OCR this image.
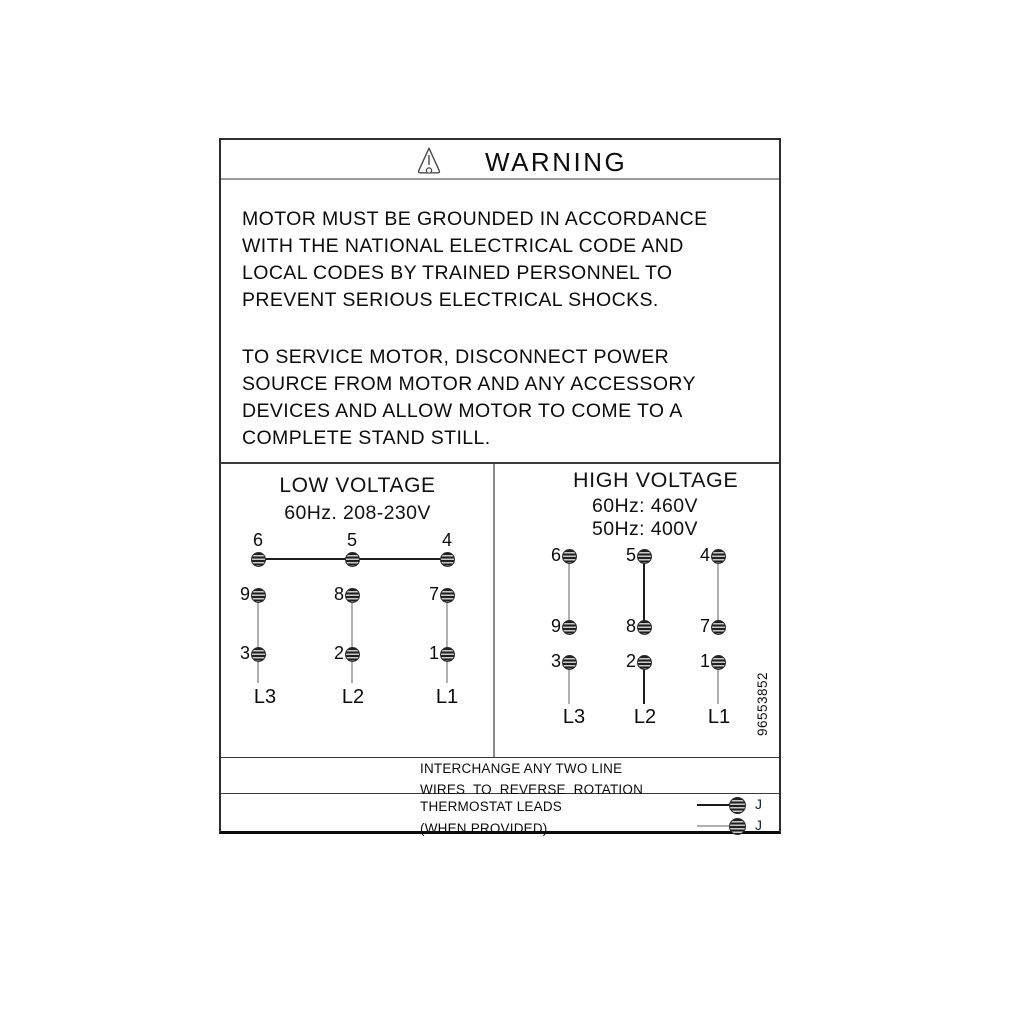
WARNING
MOTOR MUST BE GROUNDED IN ACCORDANCE
WITH THE NATIONAL ELECTRICAL CODE AND
LOCAL CODES BY TRAINED PERSONNEL TO
PREVENT SERIOUS ELECTRICAL SHOCKS.
TO SERVICE MOTOR, DISCONNECT POWER
SOURCE FROM MOTOR AND ANY ACCESSORY
DEVICES AND ALLOW MOTOR TO COME TO A
COMPLETE STAND STILL.
LOW VOLTAGE
60Hz. 208-230V
6	5	4
9	8	7
3	2	1
L3	L2	L1
HIGH VOLTAGE
60Hz: 460V
50Hz: 400V
6	5	4
9	8	7
3	2	1
L3	L2	L1	96553852
INTERCHANGE ANY TWO LINE
WIRES TO REVERSE ROTATION
THERMOSTAT LEADS
(WHEN PROVIDED)
J
J
